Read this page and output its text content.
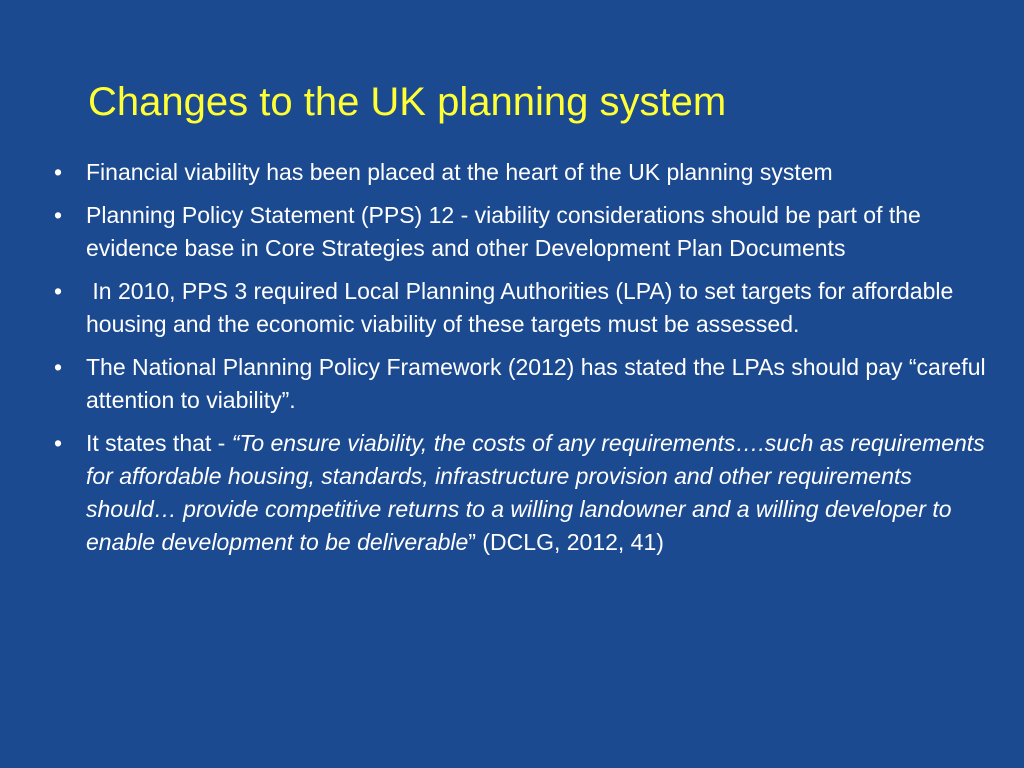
Changes to the UK planning system
• Financial viability has been placed at the heart of the UK planning system
• Planning Policy Statement (PPS) 12 - viability considerations should be part of the evidence base in Core Strategies and other Development Plan Documents
• In 2010, PPS 3 required Local Planning Authorities (LPA) to set targets for affordable housing and the economic viability of these targets must be assessed.
• The National Planning Policy Framework (2012) has stated the LPAs should pay “careful attention to viability”.
• It states that - “To ensure viability, the costs of any requirements….such as requirements for affordable housing, standards, infrastructure provision and other requirements should… provide competitive returns to a willing landowner and a willing developer to enable development to be deliverable” (DCLG, 2012, 41)
